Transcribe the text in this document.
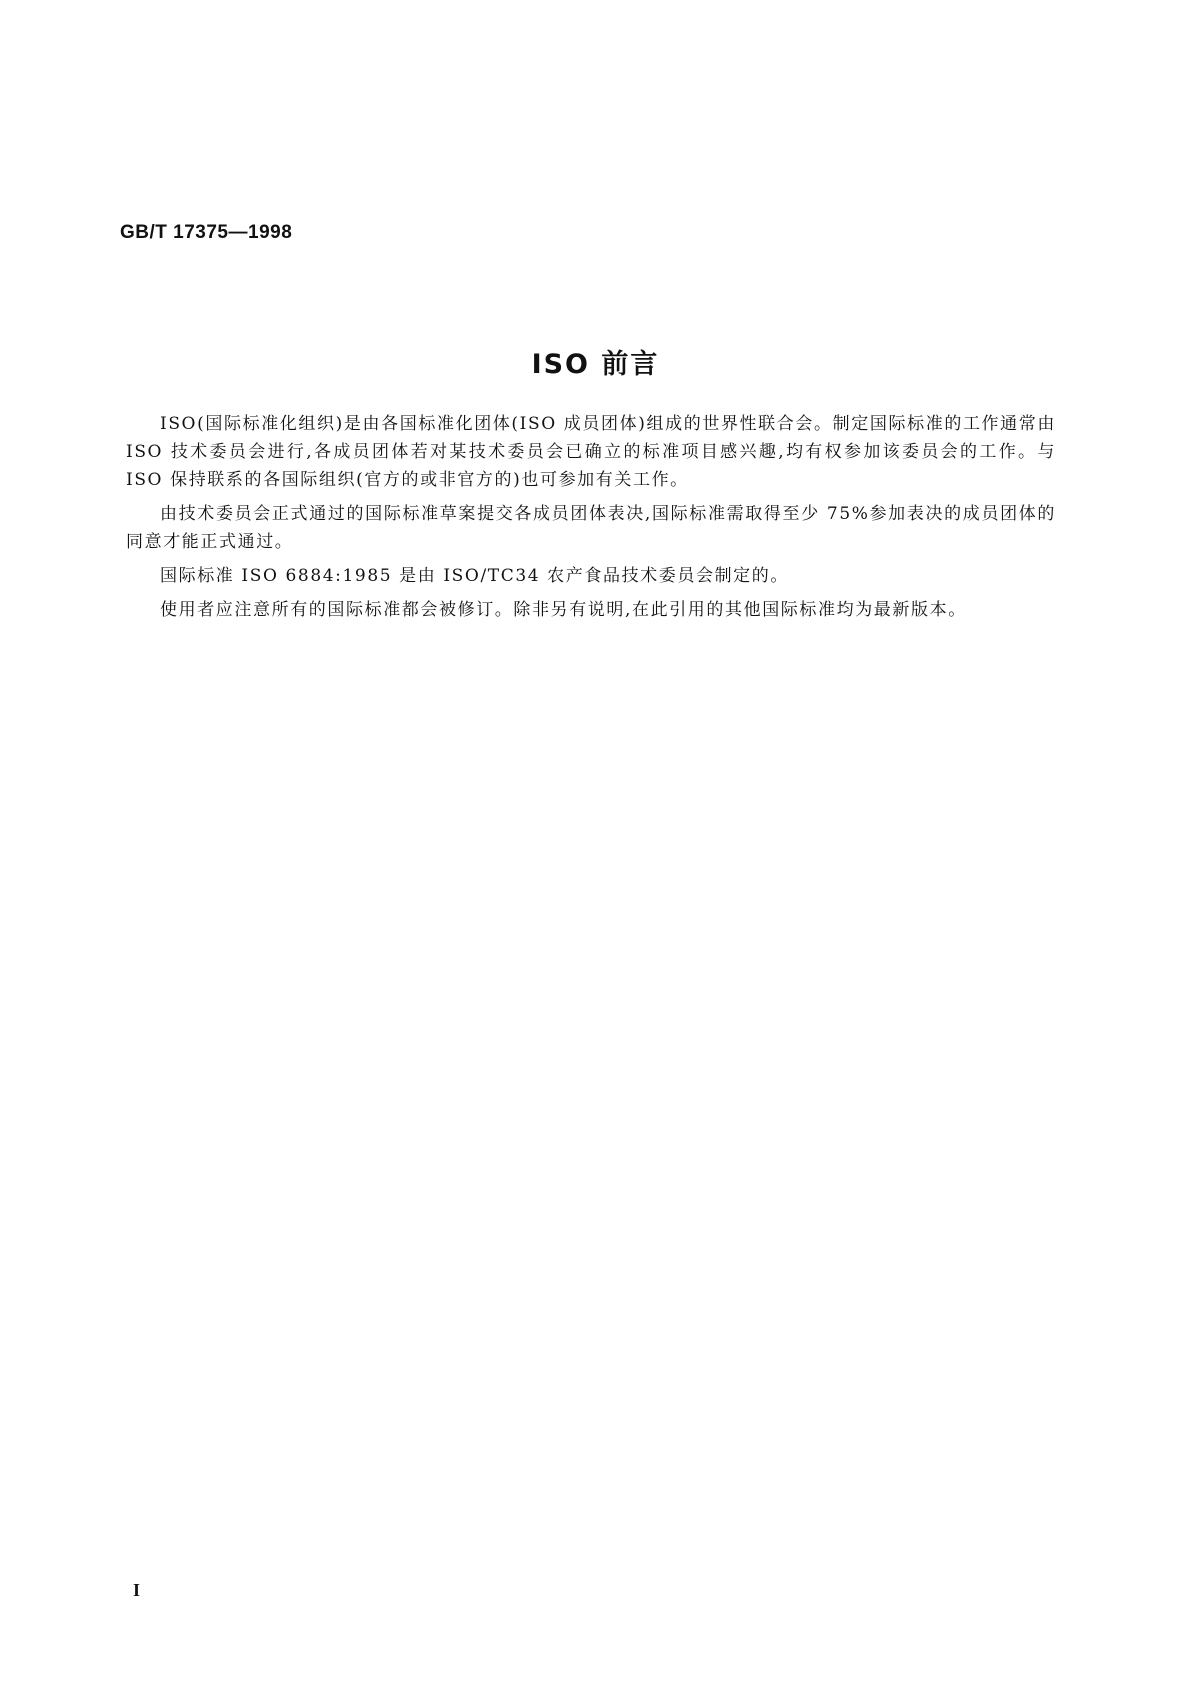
GB/T 17375—1998
ISO 前言

ISO(国际标准化组织)是由各国标准化团体(ISO 成员团体)组成的世界性联合会。制定国际标准的工作通常由 ISO 技术委员会进行,各成员团体若对某技术委员会已确立的标准项目感兴趣,均有权参加该委员会的工作。与 ISO 保持联系的各国际组织(官方的或非官方的)也可参加有关工作。

由技术委员会正式通过的国际标准草案提交各成员团体表决,国际标准需取得至少 75%参加表决的成员团体的同意才能正式通过。

国际标准 ISO 6884:1985 是由 ISO/TC34 农产食品技术委员会制定的。

使用者应注意所有的国际标准都会被修订。除非另有说明,在此引用的其他国际标准均为最新版本。

I
